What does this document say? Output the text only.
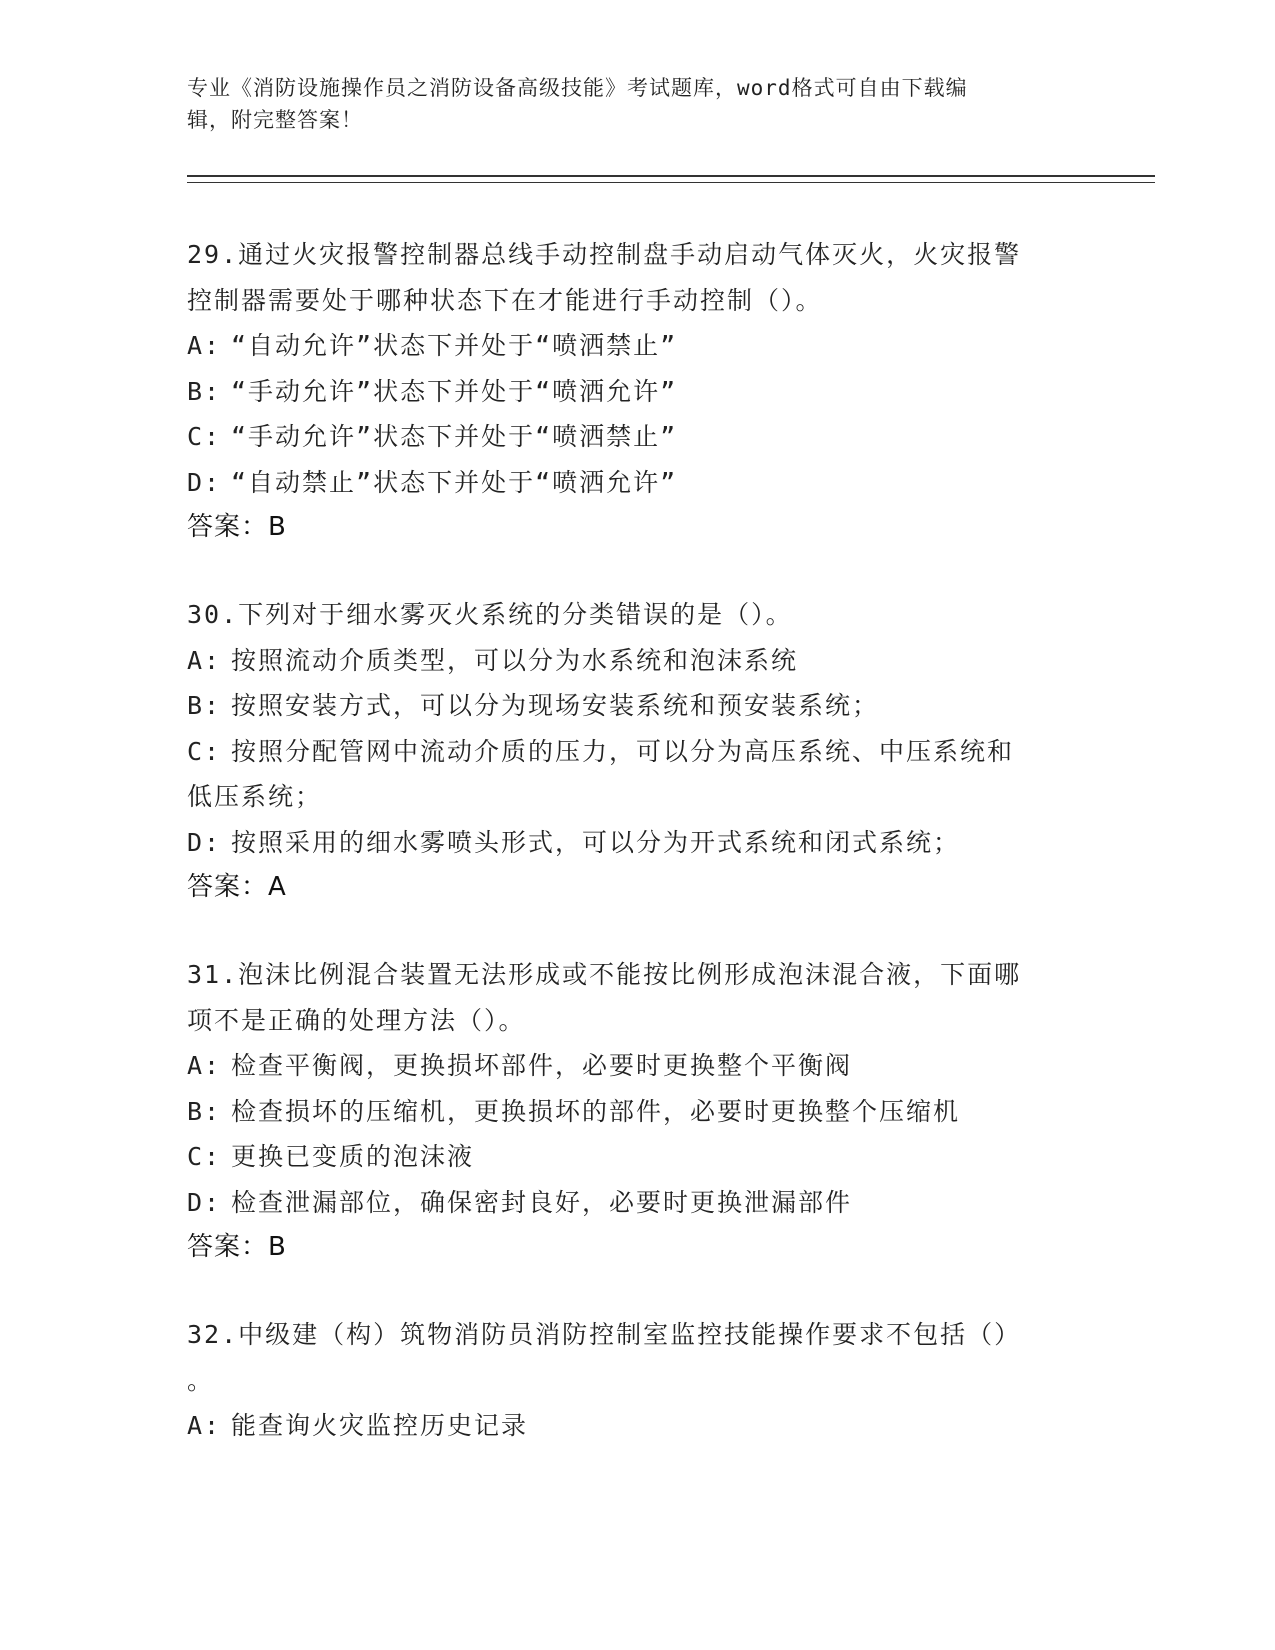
专业《消防设施操作员之消防设备高级技能》考试题库，word格式可自由下载编
辑，附完整答案！
29.通过火灾报警控制器总线手动控制盘手动启动气体灭火，火灾报警
控制器需要处于哪种状态下在才能进行手动控制（）。
A: “自动允许”状态下并处于“喷洒禁止”
B: “手动允许”状态下并处于“喷洒允许”
C: “手动允许”状态下并处于“喷洒禁止”
D: “自动禁止”状态下并处于“喷洒允许”
答案：B
30.下列对于细水雾灭火系统的分类错误的是（）。
A: 按照流动介质类型，可以分为水系统和泡沫系统
B: 按照安装方式，可以分为现场安装系统和预安装系统；
C: 按照分配管网中流动介质的压力，可以分为高压系统、中压系统和
低压系统；
D: 按照采用的细水雾喷头形式，可以分为开式系统和闭式系统；
答案：A
31.泡沫比例混合装置无法形成或不能按比例形成泡沫混合液，下面哪
项不是正确的处理方法（）。
A: 检查平衡阀，更换损坏部件，必要时更换整个平衡阀
B: 检查损坏的压缩机，更换损坏的部件，必要时更换整个压缩机
C: 更换已变质的泡沫液
D: 检查泄漏部位，确保密封良好，必要时更换泄漏部件
答案：B
32.中级建（构）筑物消防员消防控制室监控技能操作要求不包括（）
。
A: 能查询火灾监控历史记录
